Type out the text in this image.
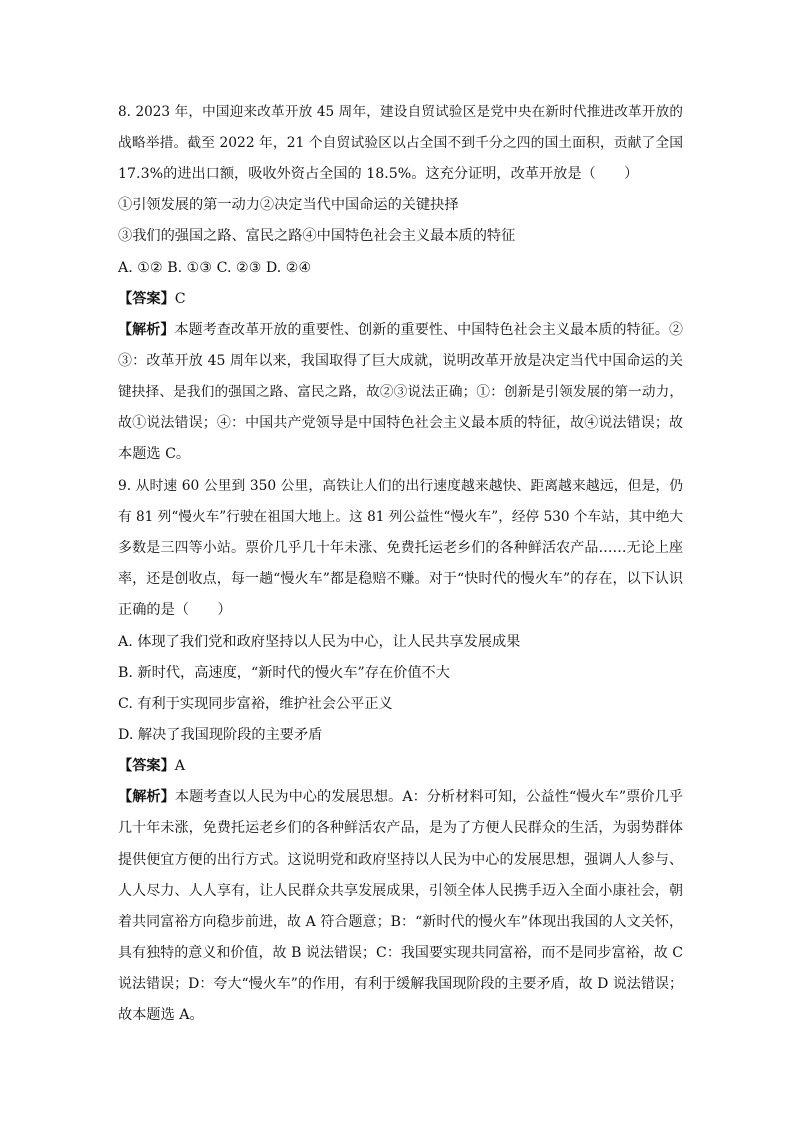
8. 2023 年，中国迎来改革开放 45 周年，建设自贸试验区是党中央在新时代推进改革开放的
战略举措。截至 2022 年，21 个自贸试验区以占全国不到千分之四的国土面积，贡献了全国
17.3%的进出口额，吸收外资占全国的 18.5%。这充分证明，改革开放是（　　）
①引领发展的第一动力②决定当代中国命运的关键抉择
③我们的强国之路、富民之路④中国特色社会主义最本质的特征
A. ①② B. ①③ C. ②③ D. ②④
【答案】C
【解析】本题考查改革开放的重要性、创新的重要性、中国特色社会主义最本质的特征。②
③：改革开放 45 周年以来，我国取得了巨大成就，说明改革开放是决定当代中国命运的关
键抉择、是我们的强国之路、富民之路，故②③说法正确；①：创新是引领发展的第一动力，
故①说法错误；④：中国共产党领导是中国特色社会主义最本质的特征，故④说法错误；故
本题选 C。
9. 从时速 60 公里到 350 公里，高铁让人们的出行速度越来越快、距离越来越远，但是，仍
有 81 列“慢火车”行驶在祖国大地上。这 81 列公益性“慢火车”，经停 530 个车站，其中绝大
多数是三四等小站。票价几乎几十年未涨、免费托运老乡们的各种鲜活农产品……无论上座
率，还是创收点，每一趟“慢火车”都是稳赔不赚。对于“快时代的慢火车”的存在，以下认识
正确的是（　　）
A. 体现了我们党和政府坚持以人民为中心，让人民共享发展成果
B. 新时代，高速度，“新时代的慢火车”存在价值不大
C. 有利于实现同步富裕，维护社会公平正义
D. 解决了我国现阶段的主要矛盾
【答案】A
【解析】本题考查以人民为中心的发展思想。A：分析材料可知，公益性“慢火车”票价几乎
几十年未涨，免费托运老乡们的各种鲜活农产品，是为了方便人民群众的生活，为弱势群体
提供便宜方便的出行方式。这说明党和政府坚持以人民为中心的发展思想，强调人人参与、
人人尽力、人人享有，让人民群众共享发展成果，引领全体人民携手迈入全面小康社会，朝
着共同富裕方向稳步前进，故 A 符合题意；B：“新时代的慢火车”体现出我国的人文关怀，
具有独特的意义和价值，故 B 说法错误；C：我国要实现共同富裕，而不是同步富裕，故 C
说法错误；D：夸大“慢火车”的作用，有利于缓解我国现阶段的主要矛盾，故 D 说法错误；
故本题选 A。
